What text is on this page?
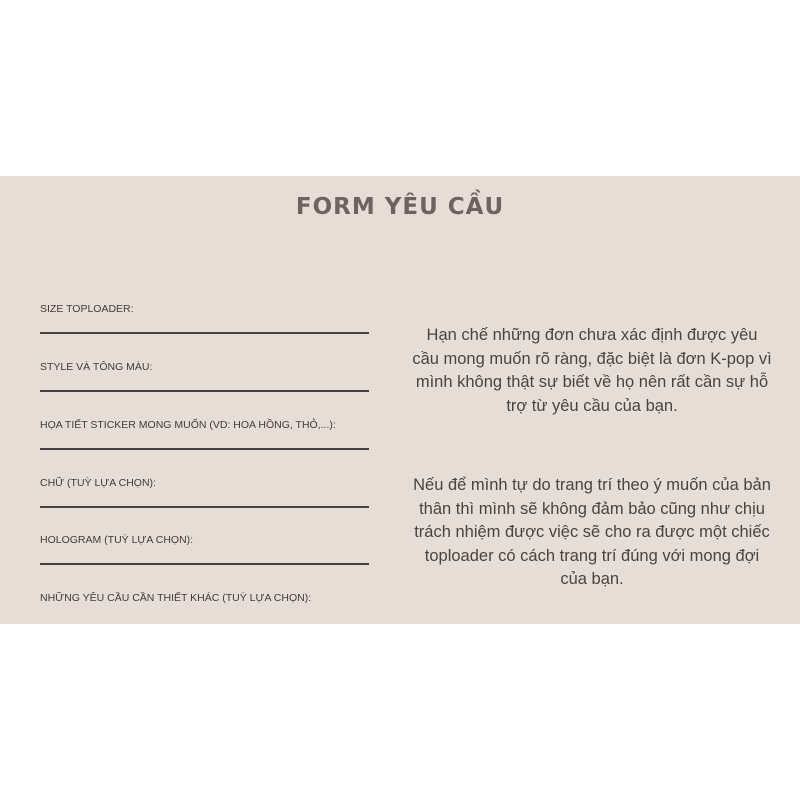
FORM YÊU CẦU
SIZE TOPLOADER:
STYLE VÀ TÔNG MÀU:
HỌA TIẾT STICKER MONG MUỐN (VD: HOA HỒNG, THỎ,...):
CHỮ (TUỲ LỰA CHỌN):
HOLOGRAM (TUỲ LỰA CHỌN):
NHỮNG YÊU CẦU CẦN THIẾT KHÁC (TUỲ LỰA CHỌN):
Hạn chế những đơn chưa xác định được yêu cầu mong muốn rõ ràng, đặc biệt là đơn K-pop vì mình không thật sự biết về họ nên rất cần sự hỗ trợ từ yêu cầu của bạn.
Nếu để mình tự do trang trí theo ý muốn của bản thân thì mình sẽ không đảm bảo cũng như chịu trách nhiệm được việc sẽ cho ra được một chiếc toploader có cách trang trí đúng với mong đợi của bạn.
